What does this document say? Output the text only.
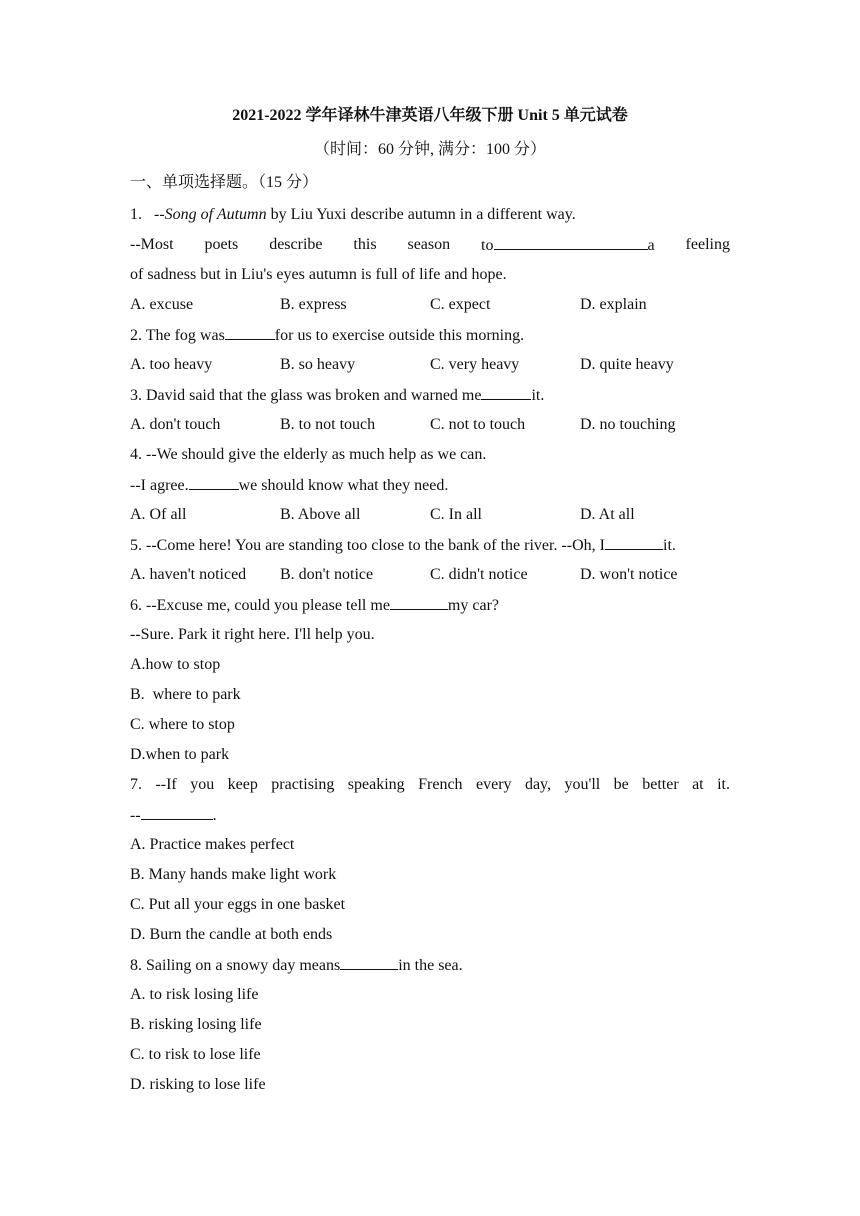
2021-2022 学年译林牛津英语八年级下册 Unit 5 单元试卷
（时间：60 分钟, 满分：100 分）
一、单项选择题。（15 分）
1. --Song of Autumn by Liu Yuxi describe autumn in a different way.
--Most poets describe this season to	a feeling
of sadness but in Liu's eyes autumn is full of life and hope.
A. excuse	B. express	C. expect	D. explain
2. The fog was	for us to exercise outside this morning.
A. too heavy	B. so heavy	C. very heavy	D. quite heavy
3. David said that the glass was broken and warned me	it.
A. don't touch	B. to not touch	C. not to touch	D. no touching
4. --We should give the elderly as much help as we can.
--I agree.	we should know what they need.
A. Of all	B. Above all	C. In all	D. At all
5. --Come here! You are standing too close to the bank of the river. --Oh, I	it.
A. haven't noticed	B. don't notice	C. didn't notice	D. won't notice
6. --Excuse me, could you please tell me	my car?
--Sure. Park it right here. I'll help you.
A.how to stop
B.  where to park
C. where to stop
D.when to park
7. --If you keep practising speaking French every day, you'll be better at it.
--	.
A. Practice makes perfect
B. Many hands make light work
C. Put all your eggs in one basket
D. Burn the candle at both ends
8. Sailing on a snowy day means	in the sea.
A. to risk losing life
B. risking losing life
C. to risk to lose life
D. risking to lose life
